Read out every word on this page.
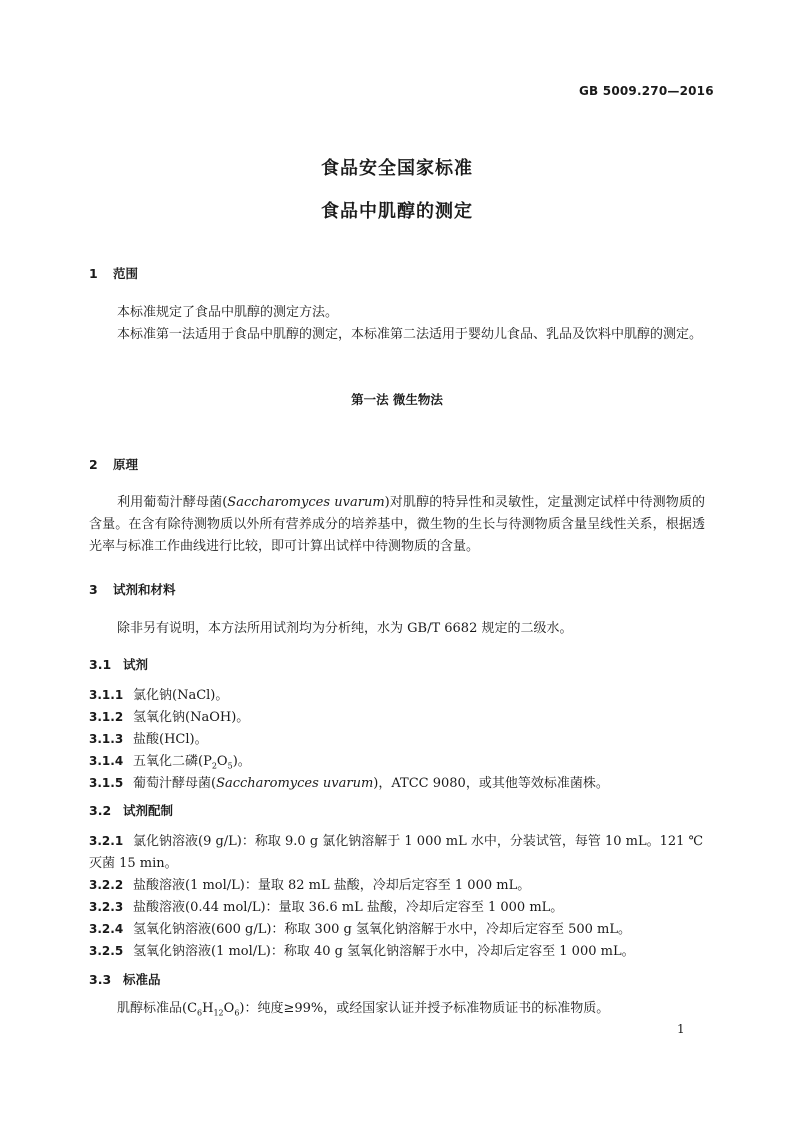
GB 5009.270—2016
食品安全国家标准
食品中肌醇的测定
1 范围
本标准规定了食品中肌醇的测定方法。
本标准第一法适用于食品中肌醇的测定，本标准第二法适用于婴幼儿食品、乳品及饮料中肌醇的测定。
第一法 微生物法
2 原理
利用葡萄汁酵母菌(Saccharomyces uvarum)对肌醇的特异性和灵敏性，定量测定试样中待测物质的含量。在含有除待测物质以外所有营养成分的培养基中，微生物的生长与待测物质含量呈线性关系，根据透光率与标准工作曲线进行比较，即可计算出试样中待测物质的含量。
3 试剂和材料
除非另有说明，本方法所用试剂均为分析纯，水为 GB/T 6682 规定的二级水。
3.1 试剂
3.1.1 氯化钠(NaCl)。
3.1.2 氢氧化钠(NaOH)。
3.1.3 盐酸(HCl)。
3.1.4 五氧化二磷$(P_2O_5)$。
3.1.5 葡萄汁酵母菌(Saccharomyces uvarum)，ATCC 9080，或其他等效标准菌株。
3.2 试剂配制
3.2.1 氯化钠溶液(9 g/L)：称取 9.0 g 氯化钠溶解于 1 000 mL 水中，分装试管，每管 10 mL。121 ℃灭菌 15 min。
3.2.2 盐酸溶液(1 mol/L)：量取 82 mL 盐酸，冷却后定容至 1 000 mL。
3.2.3 盐酸溶液(0.44 mol/L)：量取 36.6 mL 盐酸，冷却后定容至 1 000 mL。
3.2.4 氢氧化钠溶液(600 g/L)：称取 300 g 氢氧化钠溶解于水中，冷却后定容至 500 mL。
3.2.5 氢氧化钠溶液(1 mol/L)：称取 40 g 氢氧化钠溶解于水中，冷却后定容至 1 000 mL。
3.3 标准品
肌醇标准品$(C_6H_{12}O_6)$：纯度≥99%，或经国家认证并授予标准物质证书的标准物质。
1
